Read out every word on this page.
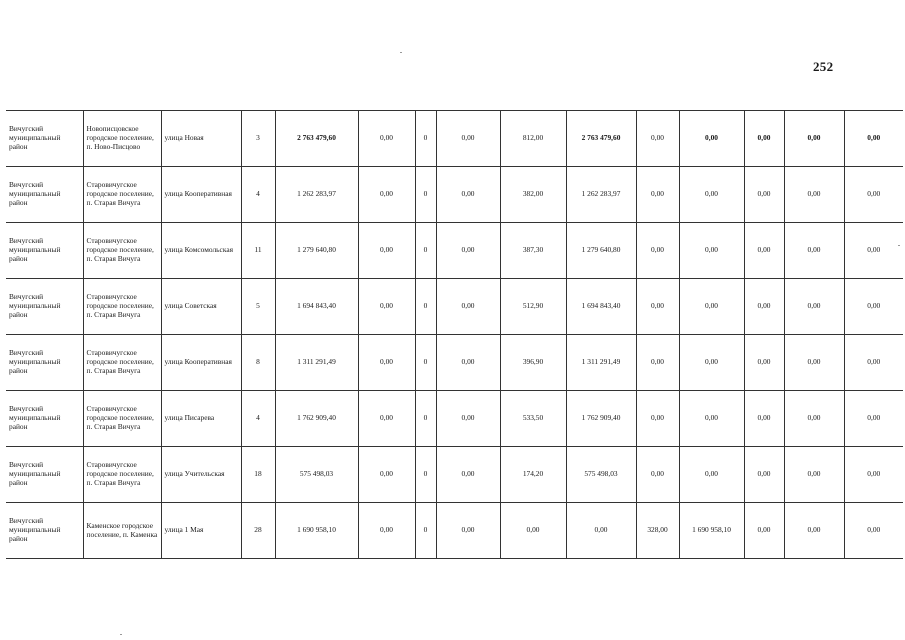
252
Вичугский муниципальный район	Новописцовское городское поселение, п. Ново-Писцово	улица Новая	3	2 763 479,60	0,00	0	0,00	812,00	2 763 479,60	0,00	0,00	0,00	0,00	0,00
Вичугский муниципальный район	Старовичугское городское поселение, п. Старая Вичуга	улица Кооперативная	4	1 262 283,97	0,00	0	0,00	382,00	1 262 283,97	0,00	0,00	0,00	0,00	0,00
Вичугский муниципальный район	Старовичугское городское поселение, п. Старая Вичуга	улица Комсомольская	11	1 279 640,80	0,00	0	0,00	387,30	1 279 640,80	0,00	0,00	0,00	0,00	0,00
Вичугский муниципальный район	Старовичугское городское поселение, п. Старая Вичуга	улица Советская	5	1 694 843,40	0,00	0	0,00	512,90	1 694 843,40	0,00	0,00	0,00	0,00	0,00
Вичугский муниципальный район	Старовичугское городское поселение, п. Старая Вичуга	улица Кооперативная	8	1 311 291,49	0,00	0	0,00	396,90	1 311 291,49	0,00	0,00	0,00	0,00	0,00
Вичугский муниципальный район	Старовичугское городское поселение, п. Старая Вичуга	улица Писарева	4	1 762 909,40	0,00	0	0,00	533,50	1 762 909,40	0,00	0,00	0,00	0,00	0,00
Вичугский муниципальный район	Старовичугское городское поселение, п. Старая Вичуга	улица Учительская	18	575 498,03	0,00	0	0,00	174,20	575 498,03	0,00	0,00	0,00	0,00	0,00
Вичугский муниципальный район	Каменское городское поселение, п. Каменка	улица 1 Мая	28	1 690 958,10	0,00	0	0,00	0,00	0,00	328,00	1 690 958,10	0,00	0,00	0,00
